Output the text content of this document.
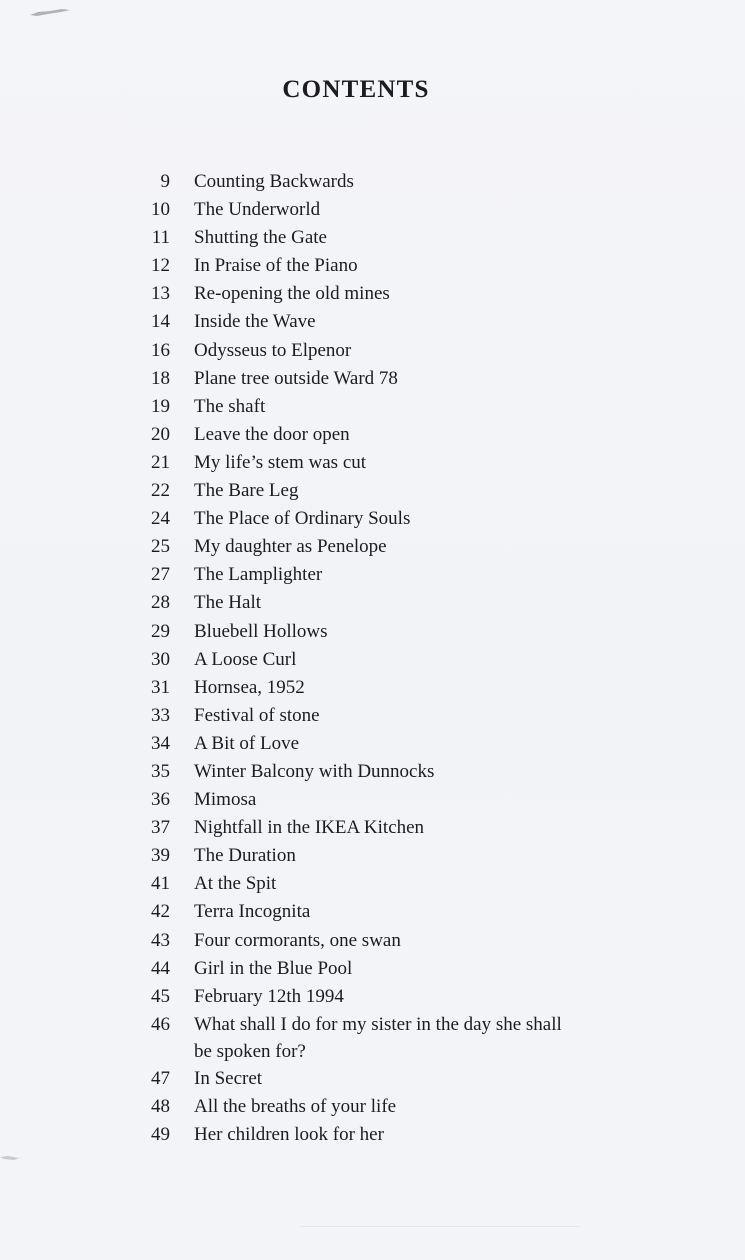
CONTENTS
9 Counting Backwards
10 The Underworld
11 Shutting the Gate
12 In Praise of the Piano
13 Re-opening the old mines
14 Inside the Wave
16 Odysseus to Elpenor
18 Plane tree outside Ward 78
19 The shaft
20 Leave the door open
21 My life’s stem was cut
22 The Bare Leg
24 The Place of Ordinary Souls
25 My daughter as Penelope
27 The Lamplighter
28 The Halt
29 Bluebell Hollows
30 A Loose Curl
31 Hornsea, 1952
33 Festival of stone
34 A Bit of Love
35 Winter Balcony with Dunnocks
36 Mimosa
37 Nightfall in the IKEA Kitchen
39 The Duration
41 At the Spit
42 Terra Incognita
43 Four cormorants, one swan
44 Girl in the Blue Pool
45 February 12th 1994
46 What shall I do for my sister in the day she shall be spoken for?
47 In Secret
48 All the breaths of your life
49 Her children look for her
